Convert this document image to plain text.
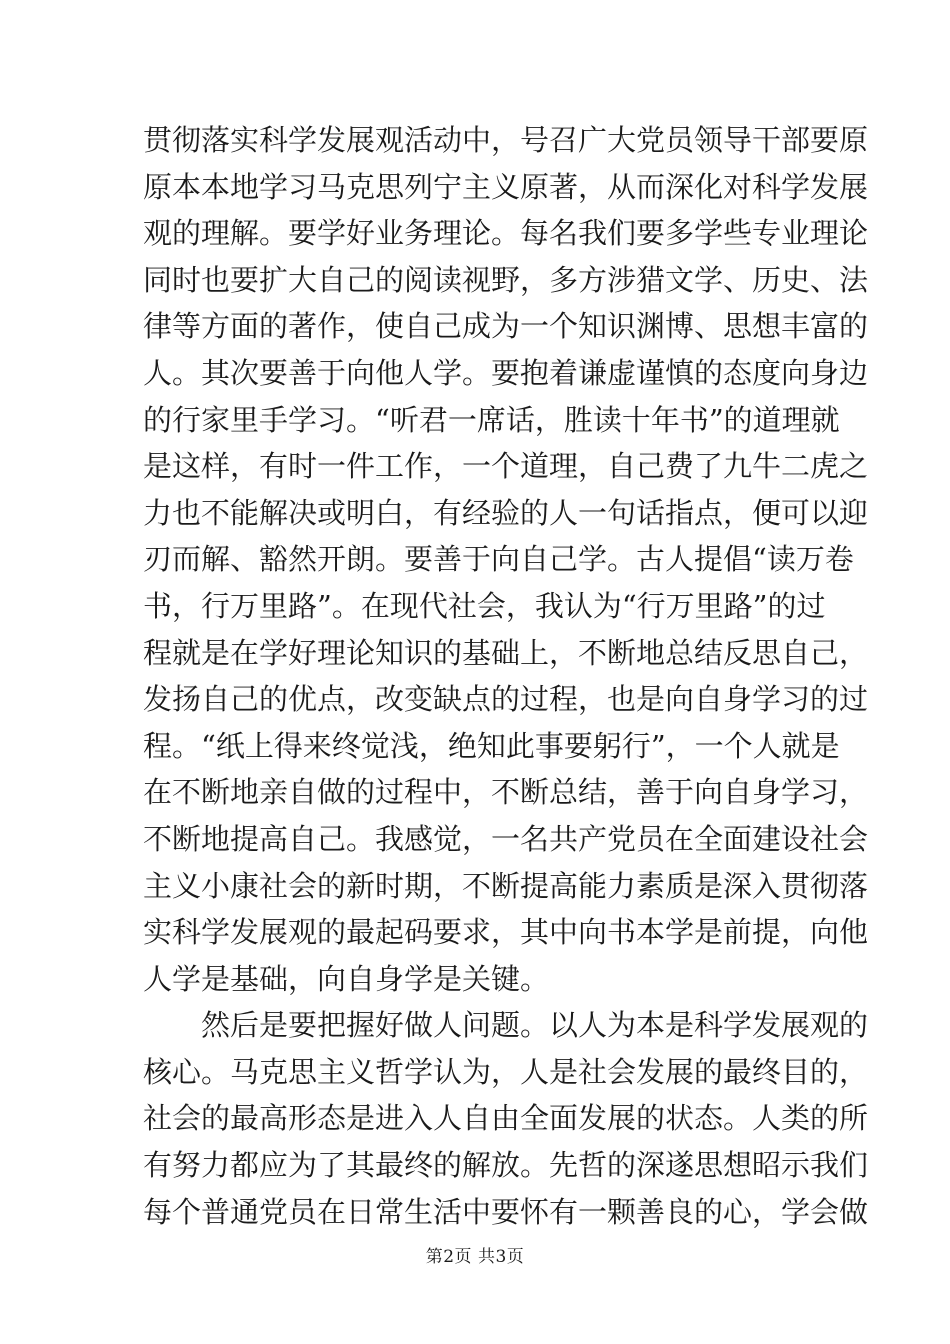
贯彻落实科学发展观活动中，号召广大党员领导干部要原
原本本地学习马克思列宁主义原著，从而深化对科学发展
观的理解。要学好业务理论。每名我们要多学些专业理论
同时也要扩大自己的阅读视野，多方涉猎文学、历史、法
律等方面的著作，使自己成为一个知识渊博、思想丰富的
人。其次要善于向他人学。要抱着谦虚谨慎的态度向身边
的行家里手学习。“听君一席话，胜读十年书”的道理就
是这样，有时一件工作，一个道理，自己费了九牛二虎之
力也不能解决或明白，有经验的人一句话指点，便可以迎
刃而解、豁然开朗。要善于向自己学。古人提倡“读万卷
书，行万里路”。在现代社会，我认为“行万里路”的过
程就是在学好理论知识的基础上，不断地总结反思自己，
发扬自己的优点，改变缺点的过程，也是向自身学习的过
程。“纸上得来终觉浅，绝知此事要躬行”，一个人就是
在不断地亲自做的过程中，不断总结，善于向自身学习，
不断地提高自己。我感觉，一名共产党员在全面建设社会
主义小康社会的新时期，不断提高能力素质是深入贯彻落
实科学发展观的最起码要求，其中向书本学是前提，向他
人学是基础，向自身学是关键。
然后是要把握好做人问题。以人为本是科学发展观的
核心。马克思主义哲学认为，人是社会发展的最终目的，
社会的最高形态是进入人自由全面发展的状态。人类的所
有努力都应为了其最终的解放。先哲的深遂思想昭示我们
每个普通党员在日常生活中要怀有一颗善良的心，学会做
第2页 共3页
